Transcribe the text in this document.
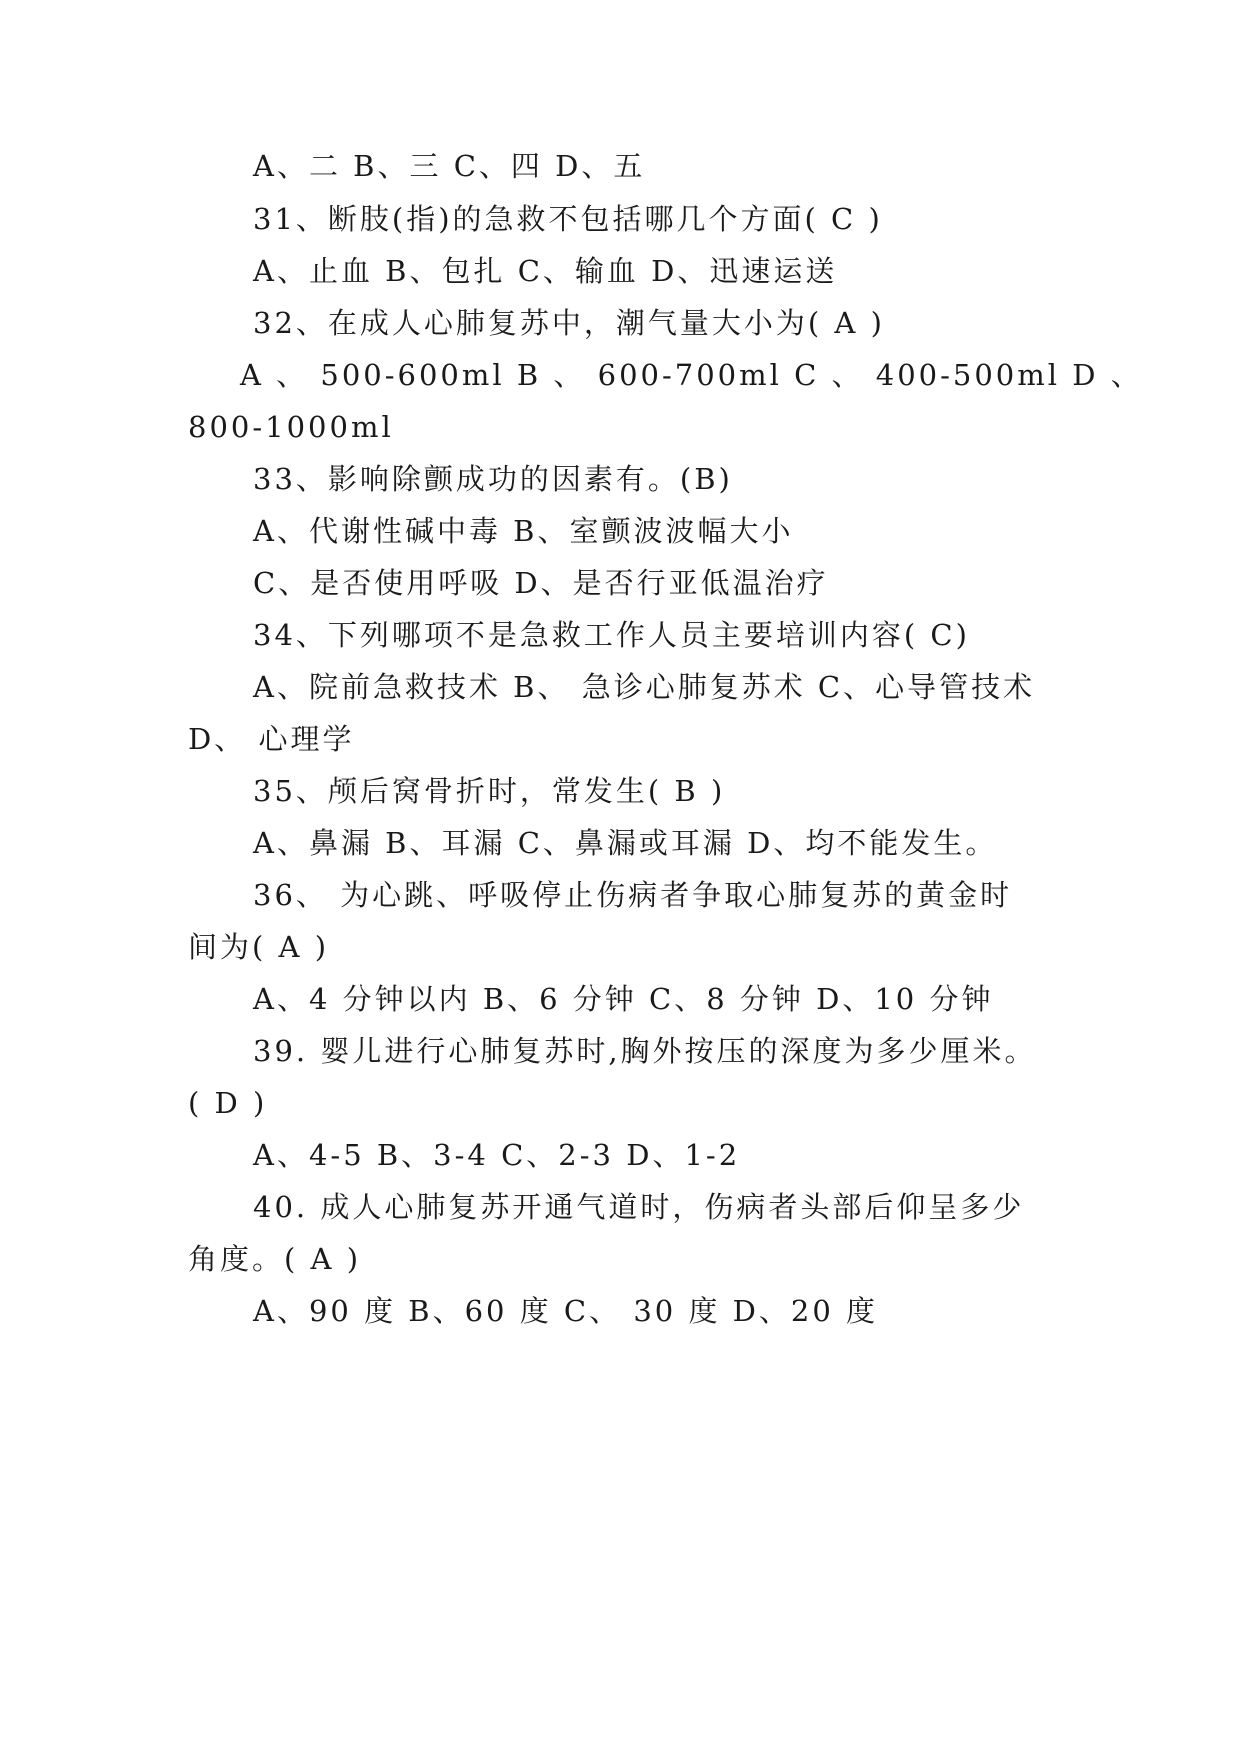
A、二 B、三 C、四 D、五
31、断肢(指)的急救不包括哪几个方面( C )
A、止血 B、包扎 C、输血 D、迅速运送
32、在成人心肺复苏中，潮气量大小为( A )
A 、 500-600ml B 、 600-700ml C 、 400-500ml D 、
800-1000ml
33、影响除颤成功的因素有。(B)
A、代谢性碱中毒 B、室颤波波幅大小
C、是否使用呼吸 D、是否行亚低温治疗
34、下列哪项不是急救工作人员主要培训内容( C)
A、院前急救技术 B、 急诊心肺复苏术 C、心导管技术
D、 心理学
35、颅后窝骨折时，常发生( B )
A、鼻漏 B、耳漏 C、鼻漏或耳漏 D、均不能发生。
36、 为心跳、呼吸停止伤病者争取心肺复苏的黄金时
间为( A )
A、4 分钟以内 B、6 分钟 C、8 分钟 D、10 分钟
39. 婴儿进行心肺复苏时,胸外按压的深度为多少厘米。
( D )
A、4-5 B、3-4 C、2-3 D、1-2
40. 成人心肺复苏开通气道时，伤病者头部后仰呈多少
角度。( A )
A、90 度 B、60 度 C、 30 度 D、20 度
